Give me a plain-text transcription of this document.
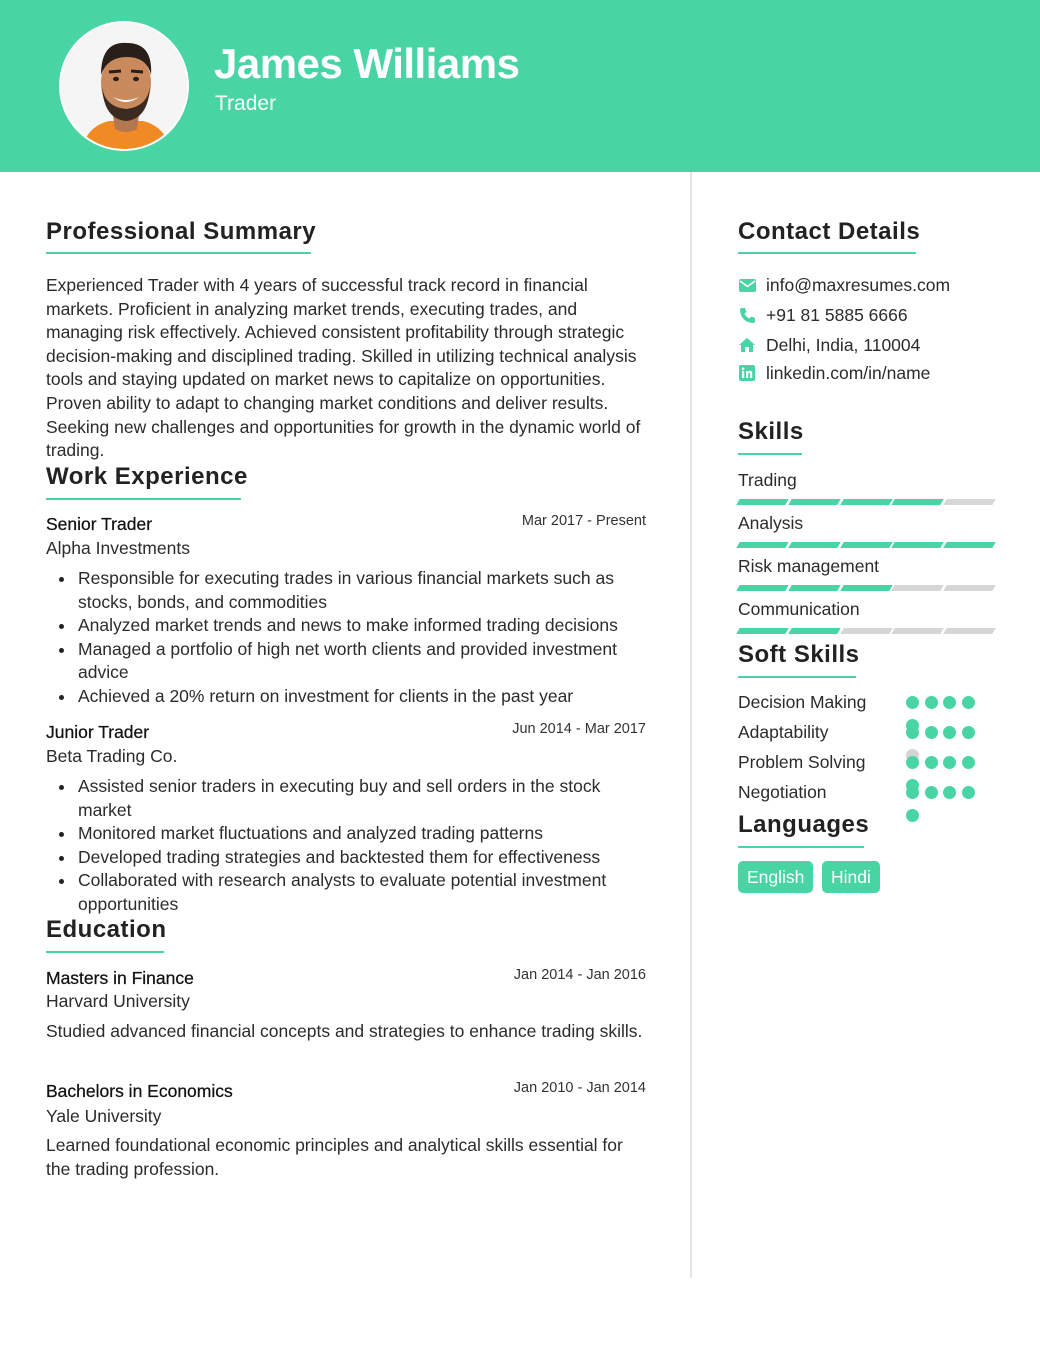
James Williams
Trader
Professional Summary
Experienced Trader with 4 years of successful track record in financial markets. Proficient in analyzing market trends, executing trades, and managing risk effectively. Achieved consistent profitability through strategic decision-making and disciplined trading. Skilled in utilizing technical analysis tools and staying updated on market news to capitalize on opportunities. Proven ability to adapt to changing market conditions and deliver results. Seeking new challenges and opportunities for growth in the dynamic world of trading.
Work Experience
Senior Trader	Mar 2017 - Present
Alpha Investments
Responsible for executing trades in various financial markets such as stocks, bonds, and commodities
Analyzed market trends and news to make informed trading decisions
Managed a portfolio of high net worth clients and provided investment advice
Achieved a 20% return on investment for clients in the past year
Junior Trader	Jun 2014 - Mar 2017
Beta Trading Co.
Assisted senior traders in executing buy and sell orders in the stock market
Monitored market fluctuations and analyzed trading patterns
Developed trading strategies and backtested them for effectiveness
Collaborated with research analysts to evaluate potential investment opportunities
Education
Masters in Finance	Jan 2014 - Jan 2016
Harvard University
Studied advanced financial concepts and strategies to enhance trading skills.
Bachelors in Economics	Jan 2010 - Jan 2014
Yale University
Learned foundational economic principles and analytical skills essential for the trading profession.
Contact Details
info@maxresumes.com
+91 81 5885 6666
Delhi, India, 110004
linkedin.com/in/name
Skills
Trading
Analysis
Risk management
Communication
Soft Skills
Decision Making
Adaptability
Problem Solving
Negotiation
Languages
English	Hindi
